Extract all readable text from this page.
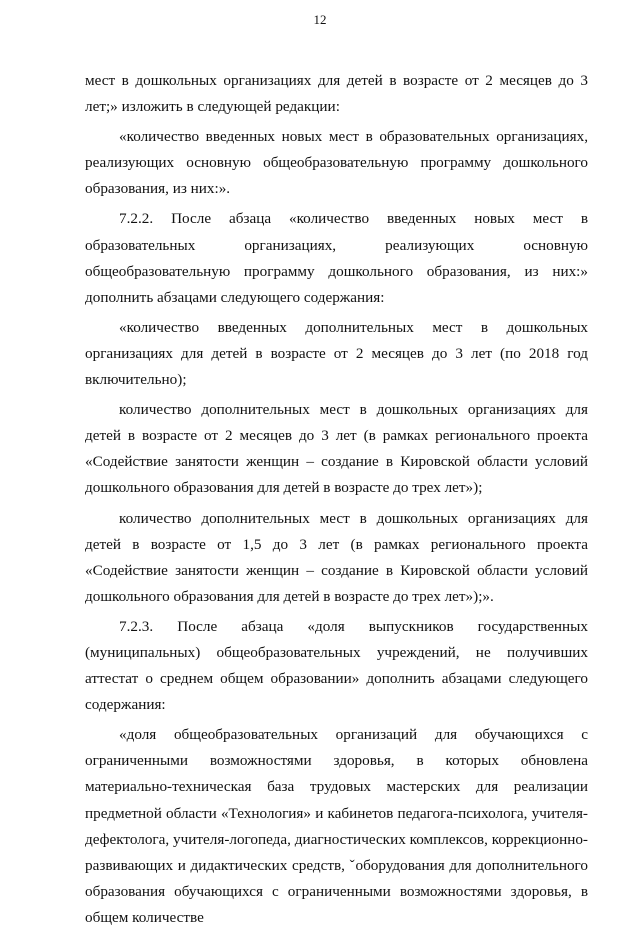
12

мест в дошкольных организациях для детей в возрасте от 2 месяцев до 3 лет;» изложить в следующей редакции:

«количество введенных новых мест в образовательных организациях, реализующих основную общеобразовательную программу дошкольного образования, из них:».

7.2.2. После абзаца «количество введенных новых мест в образовательных организациях, реализующих основную общеобразовательную программу дошкольного образования, из них:» дополнить абзацами следующего содержания:

«количество введенных дополнительных мест в дошкольных организациях для детей в возрасте от 2 месяцев до 3 лет (по 2018 год включительно);

количество дополнительных мест в дошкольных организациях для детей в возрасте от 2 месяцев до 3 лет (в рамках регионального проекта «Содействие занятости женщин – создание в Кировской области условий дошкольного образования для детей в возрасте до трех лет»);

количество дополнительных мест в дошкольных организациях для детей в возрасте от 1,5 до 3 лет (в рамках регионального проекта «Содействие занятости женщин – создание в Кировской области условий дошкольного образования для детей в возрасте до трех лет»);».

7.2.3. После абзаца «доля выпускников государственных (муниципальных) общеобразовательных учреждений, не получивших аттестат о среднем общем образовании» дополнить абзацами следующего содержания:

«доля общеобразовательных организаций для обучающихся с ограниченными возможностями здоровья, в которых обновлена материально-техническая база трудовых мастерских для реализации предметной области «Технология» и кабинетов педагога-психолога, учителя-дефектолога, учителя-логопеда, диагностических комплексов, коррекционно-развивающих и дидактических средств, ˇоборудования для дополнительного образования обучающихся с ограниченными возможностями здоровья, в общем количестве
